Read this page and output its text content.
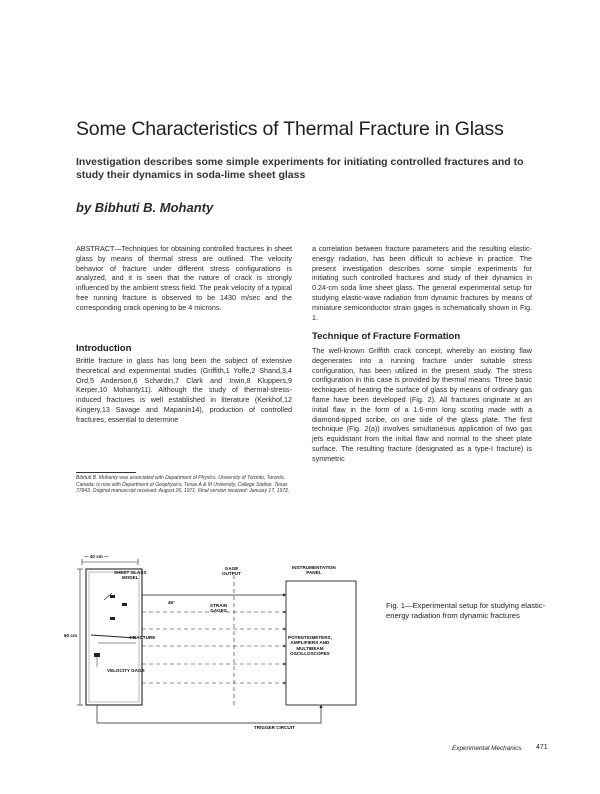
Some Characteristics of Thermal Fracture in Glass
Investigation describes some simple experiments for initiating controlled fractures and to study their dynamics in soda-lime sheet glass
by Bibhuti B. Mohanty
ABSTRACT—Techniques for obtaining controlled fractures in sheet glass by means of thermal stress are outlined. The velocity behavior of fracture under different stress configurations is analyzed, and it is seen that the nature of crack is strongly influenced by the ambient stress field. The peak velocity of a typical free running fracture is observed to be 1430 m/sec and the corresponding crack opening to be 4 microns.
Introduction
Brittle fracture in glass has long been the subject of extensive theoretical and experimental studies (Griffith,1 Yoffe,2 Shand,3,4 Ord,5 Anderson,6 Schardin,7 Clark and Irwin,8 Kluppers,9 Kerper,10 Mohanty11). Although the study of thermal-stress-induced fractures is well established in literature (Kerkhof,12 Kingery,13 Savage and Mapanin14), production of controlled fractures, essential to determine
Bibhuti B. Mohanty was associated with Department of Physics, University of Toronto, Toronto, Canada; is now with Department of Geophysics, Texas A & M University, College Station, Texas 77843. Original manuscript received: August 26, 1971. Final version received: January 17, 1972.
a correlation between fracture parameters and the resulting elastic-energy radiation, has been difficult to achieve in practice. The present investigation describes some simple experiments for initiating such controlled fractures and study of their dynamics in 0.24-cm soda lime sheet glass. The general experimental setup for studying elastic-wave radiation from dynamic fractures by means of miniature semiconductor strain gages is schematically shown in Fig. 1.
Technique of Fracture Formation
The well-known Griffith crack concept, whereby an existing flaw degenerates into a running fracture under suitable stress configuration, has been utilized in the present study. The stress configuration in this case is provided by thermal means. Three basic techniques of heating the surface of glass by means of ordinary gas flame have been developed (Fig. 2). All fractures originate at an initial flaw in the form of a 1.6-mm long scoring made with a diamond-tipped scribe, on one side of the glass plate. The first technique (Fig. 2(a)) involves simultaneous application of two gas jets equidistant from the initial flaw and normal to the sheet plate surface. The resulting fracture (designated as a type-I fracture) is symmetric
— 40 cm —
60 cm
SHEET GLASS
MODEL
GAGE
OUTPUT
INSTRUMENTATION
PANEL
STRAIN
GAGES
45°
POTENTIOMETERS,
AMPLIFIERS AND
MULTIBEAM
OSCILLOSCOPES
FRACTURE
VELOCITY GAGE
TRIGGER CIRCUIT
Fig. 1—Experimental setup for studying elastic-energy radiation from dynamic fractures
Experimental Mechanics 471
